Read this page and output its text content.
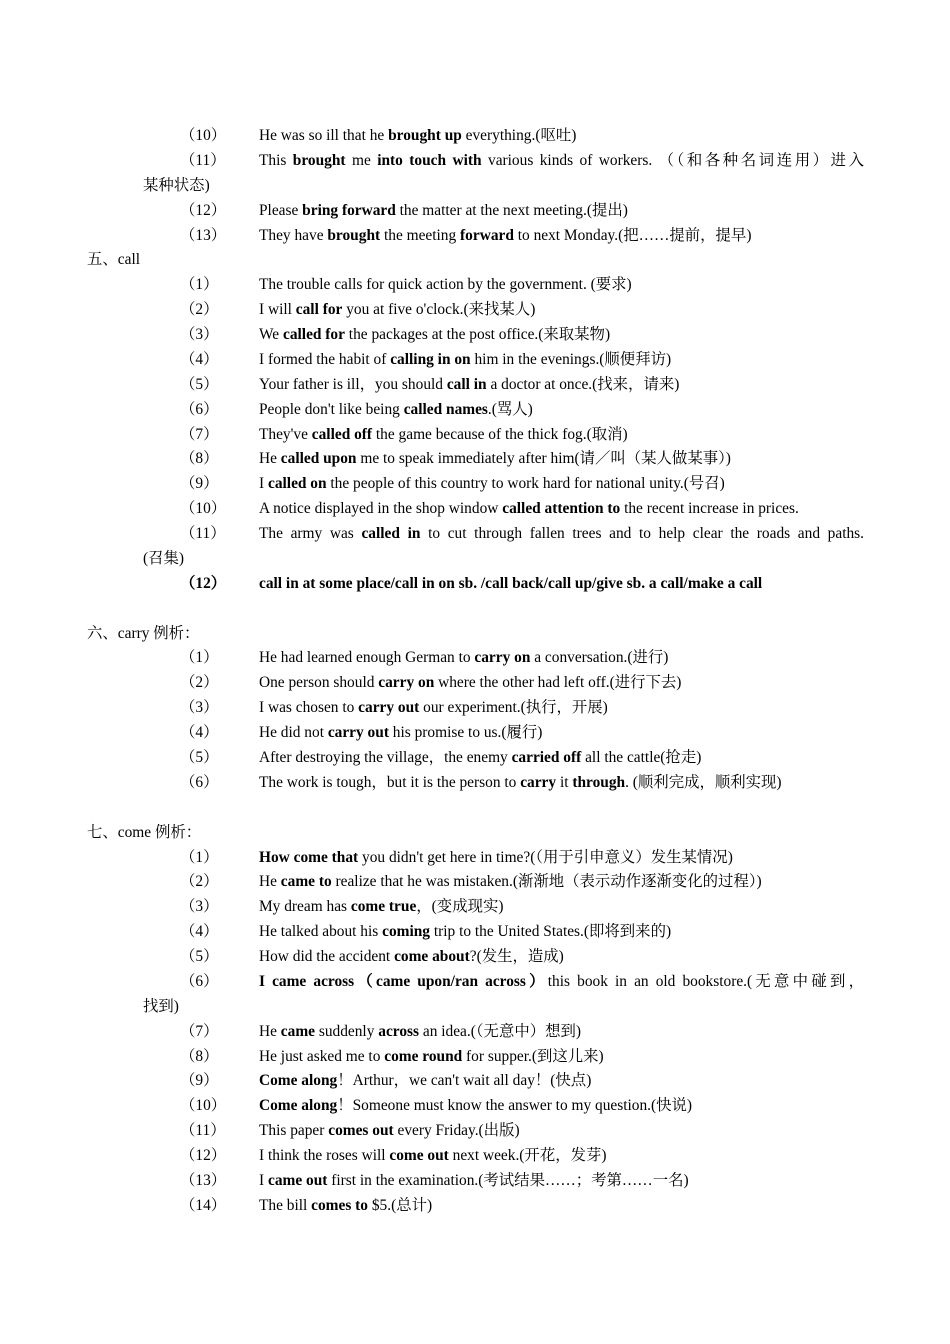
（10） He was so ill that he brought up everything.(呕吐)
（11） This brought me into touch with various kinds of workers. （（和各种名词连用）进入
某种状态)
（12） Please bring forward the matter at the next meeting.(提出)
（13） They have brought the meeting forward to next Monday.(把……提前，提早)
五、call
（1）	The trouble calls for quick action by the government. (要求)
（2）	I will call for you at five o'clock.(来找某人)
（3）	We called for the packages at the post office.(来取某物)
（4）	I formed the habit of calling in on him in the evenings.(顺便拜访)
（5）	Your father is ill，you should call in a doctor at once.(找来，请来)
（6）	People don't like being called names.(骂人)
（7）	They've called off the game because of the thick fog.(取消)
（8）	He called upon me to speak immediately after him(请／叫（某人做某事）)
（9）	I called on the people of this country to work hard for national unity.(号召)
（10） A notice displayed in the shop window called attention to the recent increase in prices.
（11） The army was called in to cut through fallen trees and to help clear the roads and paths.
(召集)
（12） call in at some place/call in on sb. /call back/call up/give sb. a call/make a call
六、carry 例析：
（1）	He had learned enough German to carry on a conversation.(进行)
（2）	One person should carry on where the other had left off.(进行下去)
（3）	I was chosen to carry out our experiment.(执行，开展)
（4）	He did not carry out his promise to us.(履行)
（5）	After destroying the village，the enemy carried off all the cattle(抢走)
（6）	The work is tough，but it is the person to carry it through. (顺利完成，顺利实现)
七、come 例析：
（1）	How come that you didn't get here in time?(（用于引申意义）发生某情况)
（2）	He came to realize that he was mistaken.(渐渐地（表示动作逐渐变化的过程）)
（3）	My dream has come true，(变成现实)
（4）	He talked about his coming trip to the United States.(即将到来的)
（5）	How did the accident come about?(发生，造成)
（6）	I came across（came upon/ran across）this book in an old bookstore.(无意中碰到，
找到)
（7）	He came suddenly across an idea.(（无意中）想到)
（8）	He just asked me to come round for supper.(到这儿来)
（9）	Come along！Arthur，we can't wait all day！(快点)
（10） Come along！Someone must know the answer to my question.(快说)
（11） This paper comes out every Friday.(出版)
（12） I think the roses will come out next week.(开花，发芽)
（13） I came out first in the examination.(考试结果……；考第……一名)
（14） The bill comes to $5.(总计)
